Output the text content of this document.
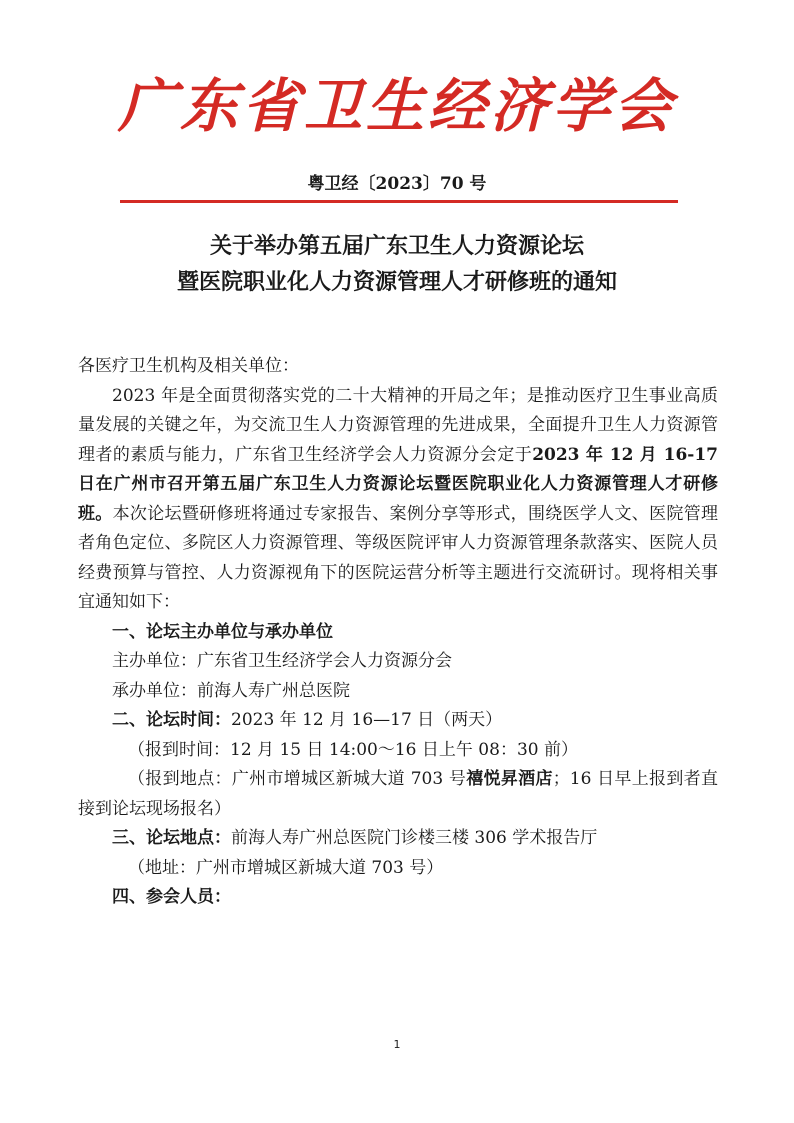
广东省卫生经济学会
粤卫经〔2023〕70 号
关于举办第五届广东卫生人力资源论坛
暨医院职业化人力资源管理人才研修班的通知

各医疗卫生机构及相关单位：

2023 年是全面贯彻落实党的二十大精神的开局之年；是推动医疗卫生事业高质量发展的关键之年，为交流卫生人力资源管理的先进成果，全面提升卫生人力资源管理者的素质与能力，广东省卫生经济学会人力资源分会定于2023 年 12 月 16-17 日在广州市召开第五届广东卫生人力资源论坛暨医院职业化人力资源管理人才研修班。本次论坛暨研修班将通过专家报告、案例分享等形式，围绕医学人文、医院管理者角色定位、多院区人力资源管理、等级医院评审人力资源管理条款落实、医院人员经费预算与管控、人力资源视角下的医院运营分析等主题进行交流研讨。现将相关事宜通知如下：

一、论坛主办单位与承办单位

主办单位：广东省卫生经济学会人力资源分会

承办单位：前海人寿广州总医院

二、论坛时间：2023 年 12 月 16—17 日（两天）

（报到时间：12 月 15 日 14:00～16 日上午 08：30 前）

（报到地点：广州市增城区新城大道 703 号禧悦昇酒店；16 日早上报到者直接到论坛现场报名）

三、论坛地点：前海人寿广州总医院门诊楼三楼 306 学术报告厅

（地址：广州市增城区新城大道 703 号）

四、参会人员：

1
